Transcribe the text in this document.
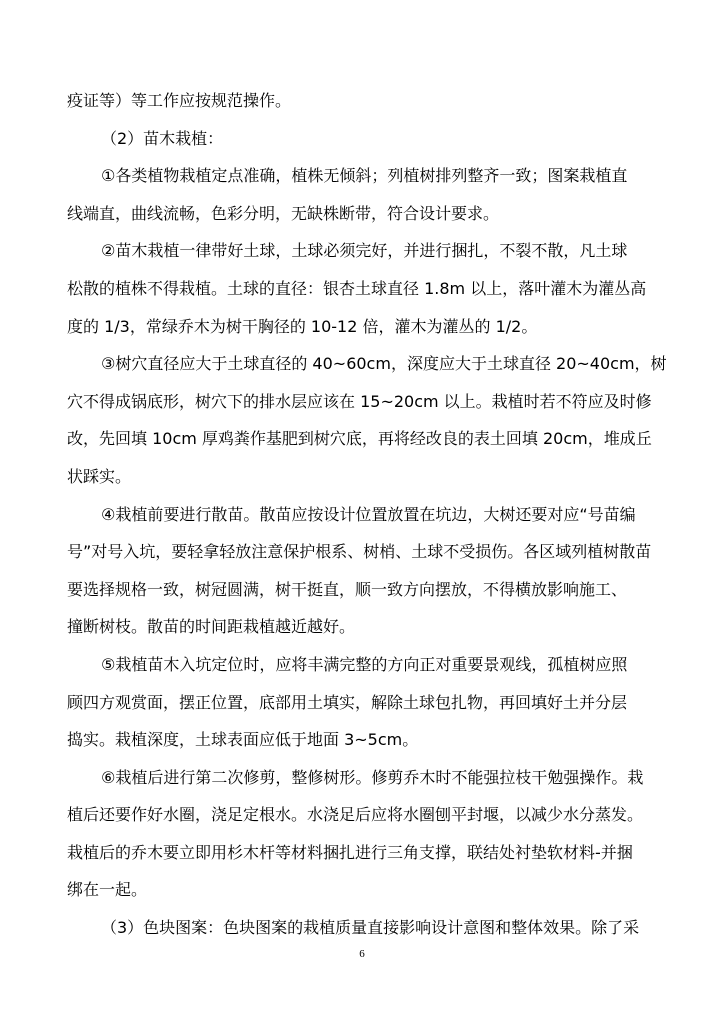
疫证等）等工作应按规范操作。
（2）苗木栽植：
①各类植物栽植定点准确，植株无倾斜；列植树排列整齐一致；图案栽植直
线端直，曲线流畅，色彩分明，无缺株断带，符合设计要求。
②苗木栽植一律带好土球，土球必须完好，并进行捆扎，不裂不散，凡土球
松散的植株不得栽植。土球的直径：银杏土球直径 1.8m 以上，落叶灌木为灌丛高
度的 1/3，常绿乔木为树干胸径的 10-12 倍，灌木为灌丛的 1/2。
③树穴直径应大于土球直径的 40~60cm，深度应大于土球直径 20~40cm，树
穴不得成锅底形，树穴下的排水层应该在 15~20cm 以上。栽植时若不符应及时修
改，先回填 10cm 厚鸡粪作基肥到树穴底，再将经改良的表土回填 20cm，堆成丘
状踩实。
④栽植前要进行散苗。散苗应按设计位置放置在坑边，大树还要对应“号苗编
号”对号入坑，要轻拿轻放注意保护根系、树梢、土球不受损伤。各区域列植树散苗
要选择规格一致，树冠圆满，树干挺直，顺一致方向摆放，不得横放影响施工、
撞断树枝。散苗的时间距栽植越近越好。
⑤栽植苗木入坑定位时，应将丰满完整的方向正对重要景观线，孤植树应照
顾四方观赏面，摆正位置，底部用土填实，解除土球包扎物，再回填好土并分层
捣实。栽植深度，土球表面应低于地面 3~5cm。
⑥栽植后进行第二次修剪，整修树形。修剪乔木时不能强拉枝干勉强操作。栽
植后还要作好水圈，浇足定根水。水浇足后应将水圈刨平封堰，以减少水分蒸发。
栽植后的乔木要立即用杉木杆等材料捆扎进行三角支撑，联结处衬垫软材料-并捆
绑在一起。
（3）色块图案：色块图案的栽植质量直接影响设计意图和整体效果。除了采
6
